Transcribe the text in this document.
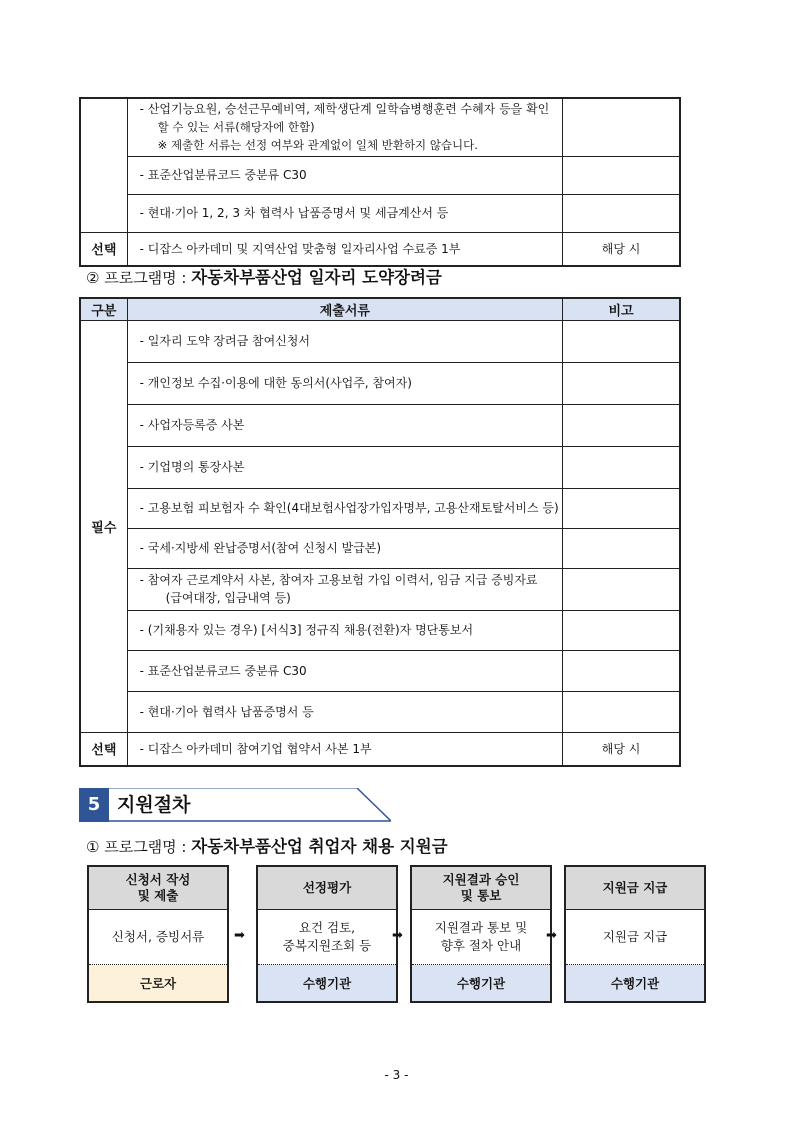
	- 산업기능요원, 승선근무예비역, 제학생단계 일학습병행훈련 수혜자 등을 확인
할 수 있는 서류(해당자에 한함)
※ 제출한 서류는 선정 여부와 관계없이 일체 반환하지 않습니다.	

	- 표준산업분류코드 중분류 C30	
	- 현대·기아 1, 2, 3 차 협력사 납품증명서 및 세금계산서 등	
선택	- 디잡스 아카데미 및 지역산업 맞춤형 일자리사업 수료증 1부	해당 시
② 프로그램명 : 자동차부품산업 일자리 도약장려금
구분	제출서류	비고
필수	- 일자리 도약 장려금 참여신청서	
	- 개인정보 수집·이용에 대한 동의서(사업주, 참여자)	
	- 사업자등록증 사본	
	- 기업명의 통장사본	
	- 고용보험 피보험자 수 확인(4대보험사업장가입자명부, 고용산재토탈서비스 등)	
	- 국세·지방세 완납증명서(참여 신청시 발급본)	
	- 참여자 근로계약서 사본, 참여자 고용보험 가입 이력서, 임금 지급 증빙자료
(급여대장, 입금내역 등)	

	- (기채용자 있는 경우) [서식3] 정규직 채용(전환)자 명단통보서	
	- 표준산업분류코드 중분류 C30	
	- 현대·기아 협력사 납품증명서 등	
선택	- 디잡스 아카데미 참여기업 협약서 사본 1부	해당 시
5 지원절차
① 프로그램명 : 자동차부품산업 취업자 채용 지원금
신청서 작성
및 제출
신청서, 증빙서류
근로자
➡
선정평가
요건 검토,
중복지원조회 등
수행기관
➡
지원결과 승인
및 통보
지원결과 통보 및
향후 절차 안내
수행기관
➡
지원금 지급
지원금 지급
수행기관
- 3 -
